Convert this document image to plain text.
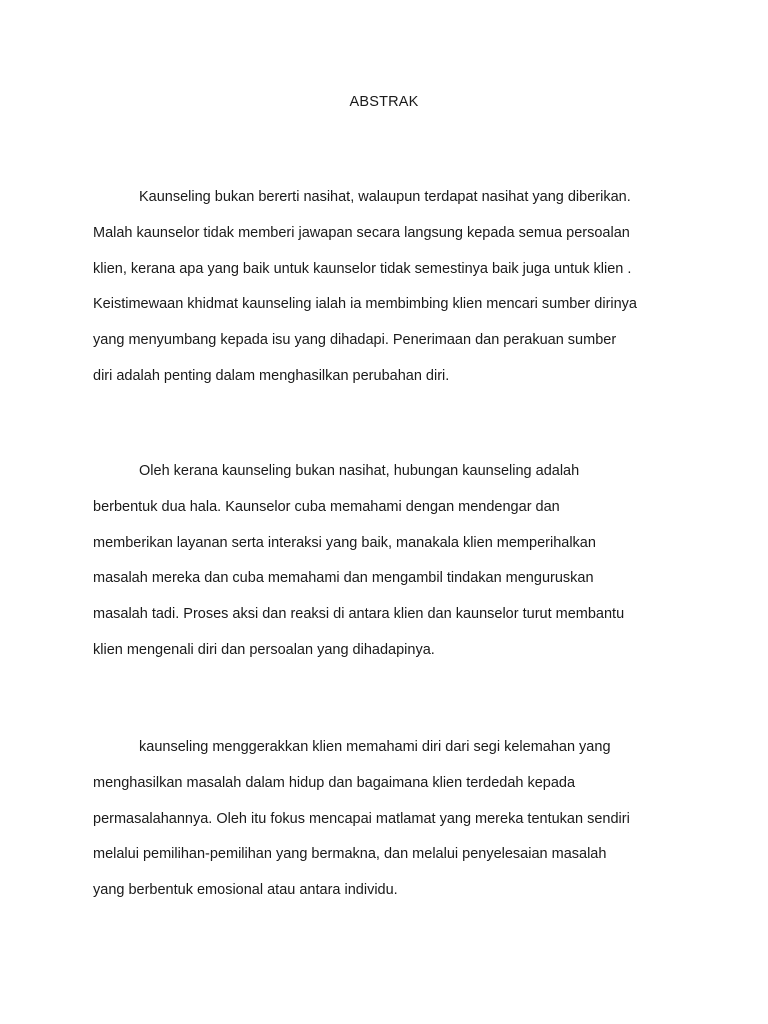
ABSTRAK
Kaunseling bukan bererti nasihat, walaupun terdapat nasihat yang diberikan.
Malah kaunselor tidak memberi jawapan secara langsung kepada semua persoalan
klien, kerana apa yang baik untuk kaunselor tidak semestinya baik juga untuk klien .
Keistimewaan khidmat kaunseling ialah ia membimbing klien mencari sumber dirinya
yang menyumbang kepada isu yang dihadapi. Penerimaan dan perakuan sumber
diri adalah penting dalam menghasilkan perubahan diri.
Oleh kerana kaunseling bukan nasihat, hubungan kaunseling adalah
berbentuk dua hala. Kaunselor cuba memahami dengan mendengar dan
memberikan layanan serta interaksi yang baik, manakala klien memperihalkan
masalah mereka dan cuba memahami dan mengambil tindakan menguruskan
masalah tadi. Proses aksi dan reaksi di antara klien dan kaunselor turut membantu
klien mengenali diri dan persoalan yang dihadapinya.
kaunseling menggerakkan klien memahami diri dari segi kelemahan yang
menghasilkan masalah dalam hidup dan bagaimana klien terdedah kepada
permasalahannya. Oleh itu fokus mencapai matlamat yang mereka tentukan sendiri
melalui pemilihan-pemilihan yang bermakna, dan melalui penyelesaian masalah
yang berbentuk emosional atau antara individu.
